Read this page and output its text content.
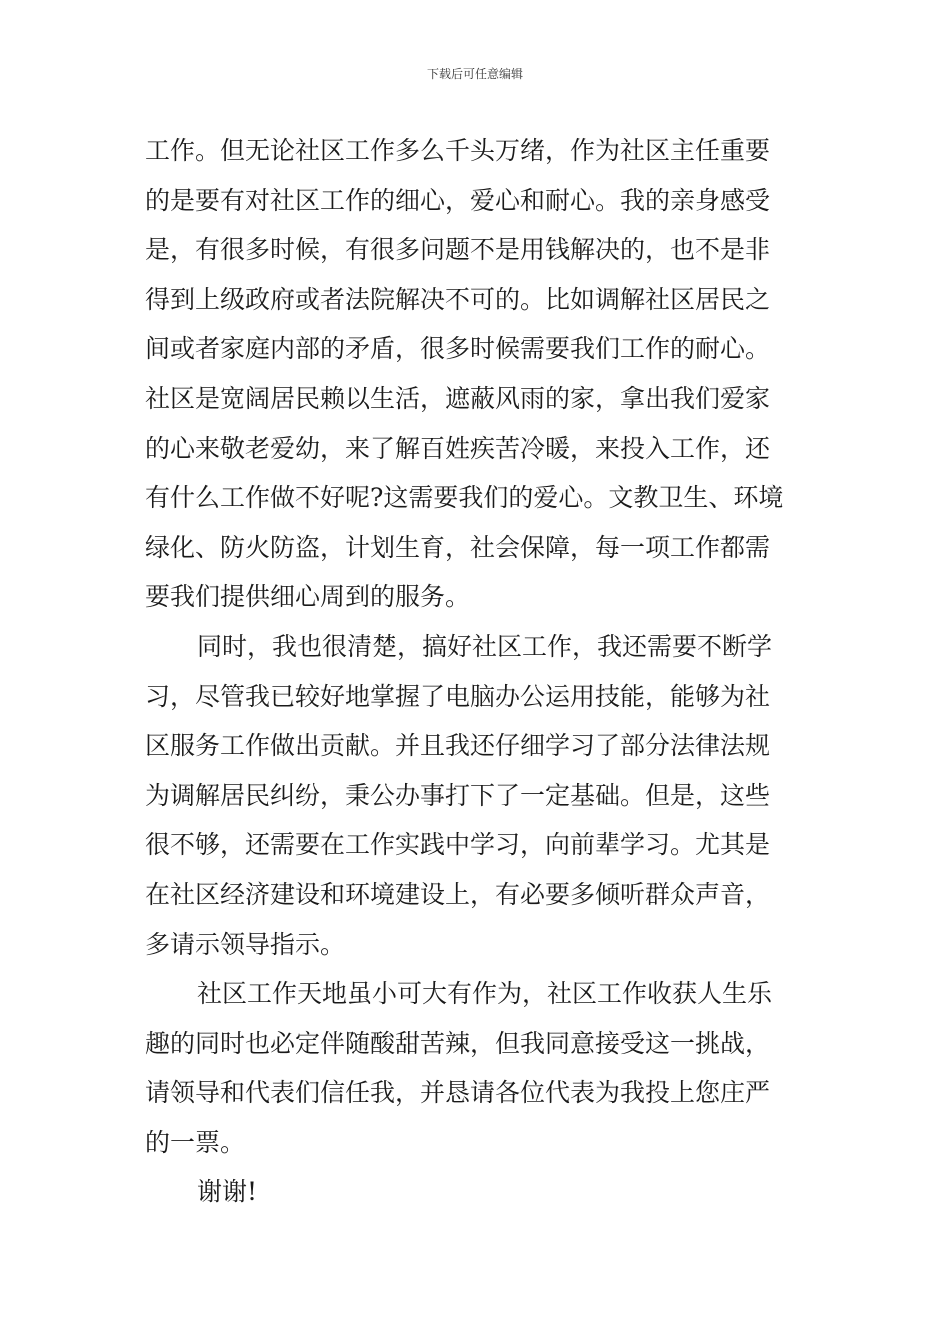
下载后可任意编辑
工作。但无论社区工作多么千头万绪，作为社区主任重要
的是要有对社区工作的细心，爱心和耐心。我的亲身感受
是，有很多时候，有很多问题不是用钱解决的，也不是非
得到上级政府或者法院解决不可的。比如调解社区居民之
间或者家庭内部的矛盾，很多时候需要我们工作的耐心。
社区是宽阔居民赖以生活，遮蔽风雨的家，拿出我们爱家
的心来敬老爱幼，来了解百姓疾苦冷暖，来投入工作，还
有什么工作做不好呢?这需要我们的爱心。文教卫生、环境
绿化、防火防盗，计划生育，社会保障，每一项工作都需
要我们提供细心周到的服务。
同时，我也很清楚，搞好社区工作，我还需要不断学
习，尽管我已较好地掌握了电脑办公运用技能，能够为社
区服务工作做出贡献。并且我还仔细学习了部分法律法规
为调解居民纠纷，秉公办事打下了一定基础。但是，这些
很不够，还需要在工作实践中学习，向前辈学习。尤其是
在社区经济建设和环境建设上，有必要多倾听群众声音，
多请示领导指示。
社区工作天地虽小可大有作为，社区工作收获人生乐
趣的同时也必定伴随酸甜苦辣，但我同意接受这一挑战，
请领导和代表们信任我，并恳请各位代表为我投上您庄严
的一票。
谢谢!
